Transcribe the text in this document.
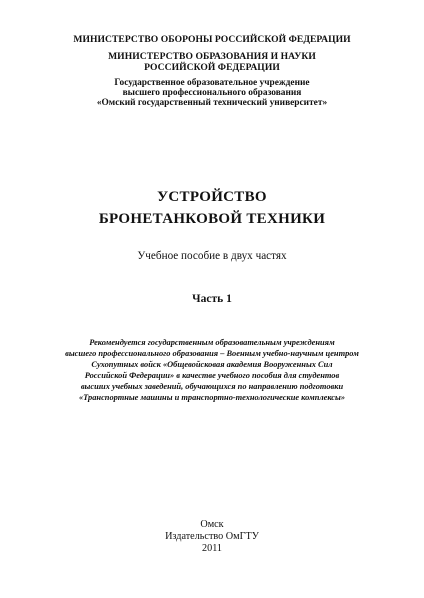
МИНИСТЕРСТВО ОБОРОНЫ РОССИЙСКОЙ ФЕДЕРАЦИИ
МИНИСТЕРСТВО ОБРАЗОВАНИЯ И НАУКИ
РОССИЙСКОЙ ФЕДЕРАЦИИ
Государственное образовательное учреждение
высшего профессионального образования
«Омский государственный технический университет»
УСТРОЙСТВО
БРОНЕТАНКОВОЙ ТЕХНИКИ
Учебное пособие в двух частях
Часть 1
Рекомендуется государственным образовательным учреждениям
высшего профессионального образования – Военным учебно-научным центром
Сухопутных войск «Общевойсковая академия Вооруженных Сил
Российской Федерации» в качестве учебного пособия для студентов
высших учебных заведений, обучающихся по направлению подготовки
«Транспортные машины и транспортно-технологические комплексы»
Омск
Издательство ОмГТУ
2011
